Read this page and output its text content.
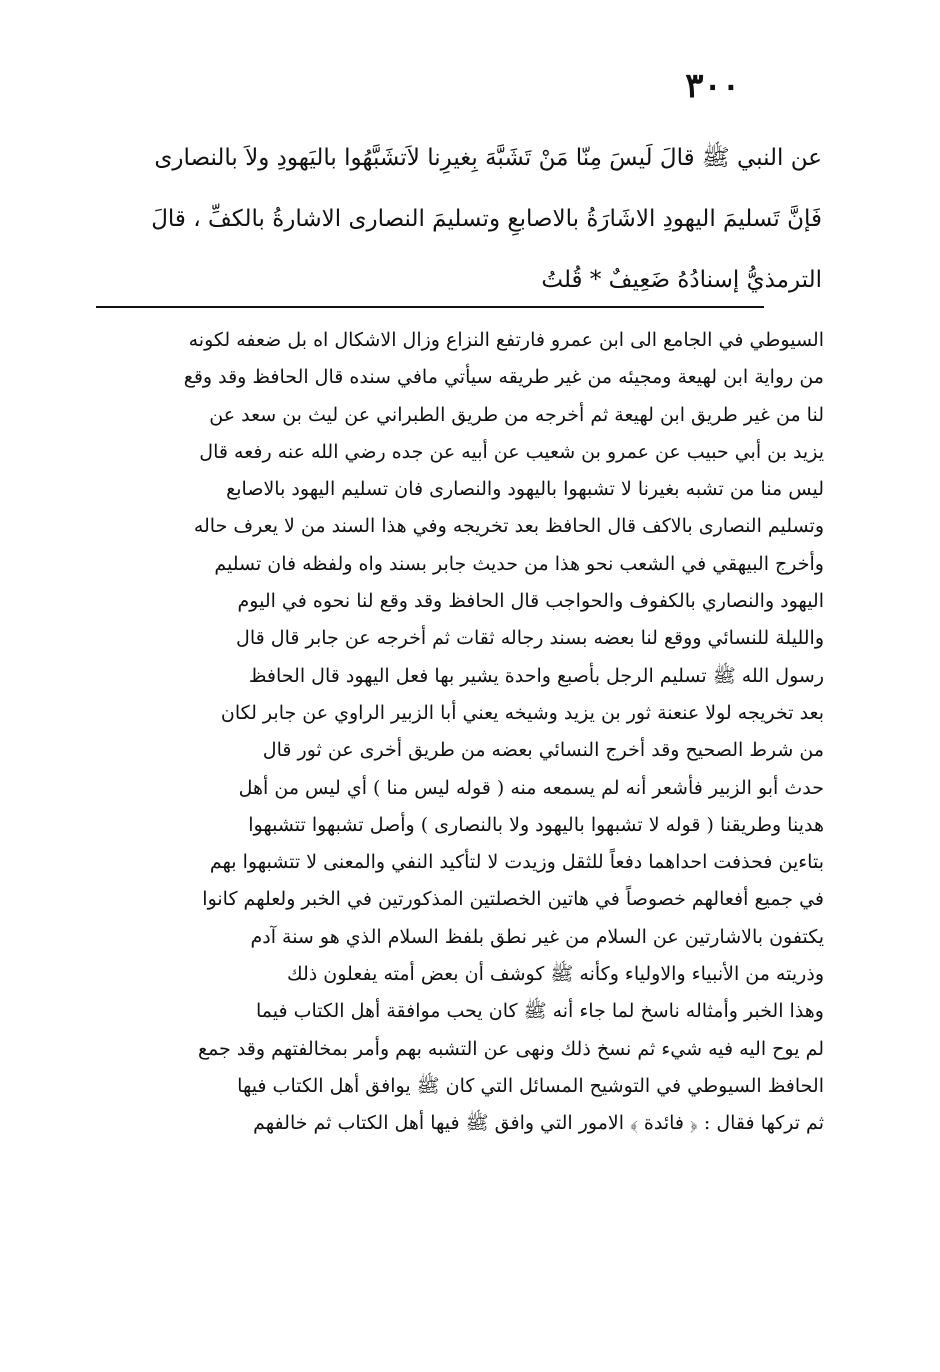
٣٠٠
عن النبي ﷺ قالَ لَيسَ مِنّا مَنْ تَشَبَّهَ بِغيرِنا لاَتشَبَّهُوا باليَهودِ ولاَ بالنصارى
فَإنَّ تَسليمَ اليهودِ الاشَارَةُ بالاصابعِ وتسليمَ النصارى الاشارةُ بالكفِّ ، قالَ
الترمذيُّ إسنادُهُ ضَعِيفٌ * قُلتُ
السيوطي في الجامع الى ابن عمرو فارتفع النزاع وزال الاشكال اه بل ضعفه لكونه
من رواية ابن لهيعة ومجيئه من غير طريقه سيأتي مافي سنده قال الحافظ وقد وقع
لنا من غير طريق ابن لهيعة ثم أخرجه من طريق الطبراني عن ليث بن سعد عن
يزيد بن أبي حبيب عن عمرو بن شعيب عن أبيه عن جده رضي الله عنه رفعه قال
ليس منا من تشبه بغيرنا لا تشبهوا باليهود والنصارى فان تسليم اليهود بالاصابع
وتسليم النصارى بالاكف قال الحافظ بعد تخريجه وفي هذا السند من لا يعرف حاله
وأخرج البيهقي في الشعب نحو هذا من حديث جابر بسند واه ولفظه فان تسليم
اليهود والنصاري بالكفوف والحواجب قال الحافظ وقد وقع لنا نحوه في اليوم
والليلة للنسائي ووقع لنا بعضه بسند رجاله ثقات ثم أخرجه عن جابر قال قال
رسول الله ﷺ تسليم الرجل بأصبع واحدة يشير بها فعل اليهود قال الحافظ
بعد تخريجه لولا عنعنة ثور بن يزيد وشيخه يعني أبا الزبير الراوي عن جابر لكان
من شرط الصحيح وقد أخرج النسائي بعضه من طريق أخرى عن ثور قال
حدث أبو الزبير فأشعر أنه لم يسمعه منه ( قوله ليس منا ) أي ليس من أهل
هدينا وطريقنا ( قوله لا تشبهوا باليهود ولا بالنصارى ) وأصل تشبهوا تتشبهوا
بتاءين فحذفت احداهما دفعاً للثقل وزيدت لا لتأكيد النفي والمعنى لا تتشبهوا بهم
في جميع أفعالهم خصوصاً في هاتين الخصلتين المذكورتين في الخبر ولعلهم كانوا
يكتفون بالاشارتين عن السلام من غير نطق بلفظ السلام الذي هو سنة آدم
وذريته من الأنبياء والاولياء وكأنه ﷺ كوشف أن بعض أمته يفعلون ذلك
وهذا الخبر وأمثاله ناسخ لما جاء أنه ﷺ كان يحب موافقة أهل الكتاب فيما
لم يوح اليه فيه شيء ثم نسخ ذلك ونهى عن التشبه بهم وأمر بمخالفتهم وقد جمع
الحافظ السيوطي في التوشيح المسائل التي كان ﷺ يوافق أهل الكتاب فيها
ثم تركها فقال : ﴿ فائدة ﴾ الامور التي وافق ﷺ فيها أهل الكتاب ثم خالفهم
